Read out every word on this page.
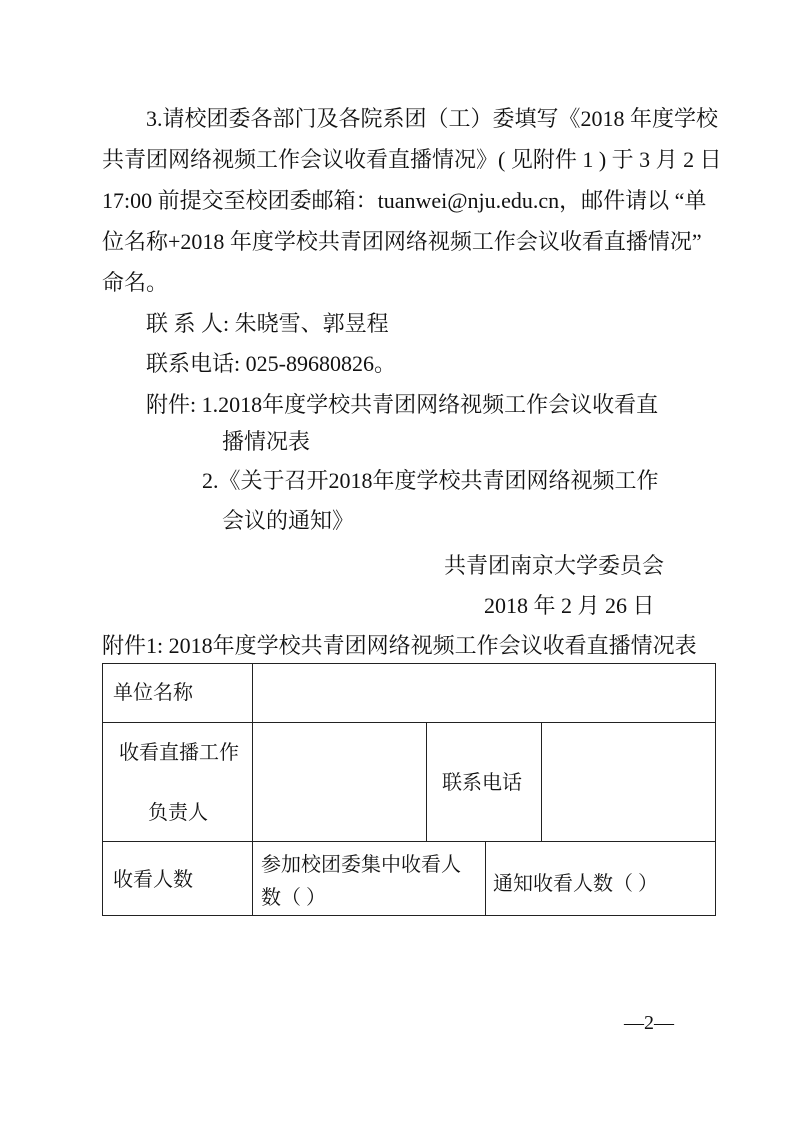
3.请校团委各部门及各院系团（工）委填写《2018 年度学校
共青团网络视频工作会议收看直播情况》( 见附件 1 ) 于 3 月 2 日
17:00 前提交至校团委邮箱：tuanwei@nju.edu.cn，邮件请以 “单
位名称+2018 年度学校共青团网络视频工作会议收看直播情况”
命名。
联 系 人: 朱晓雪、郭昱程
联系电话: 025-89680826。
附件: 1.2018年度学校共青团网络视频工作会议收看直
播情况表
2.《关于召开2018年度学校共青团网络视频工作
会议的通知》
共青团南京大学委员会
2018 年 2 月 26 日
附件1: 2018年度学校共青团网络视频工作会议收看直播情况表
单位名称
收看直播工作
负责人
联系电话
收看人数
参加校团委集中收看人
数（ ）
通知收看人数（ ）
—2—
